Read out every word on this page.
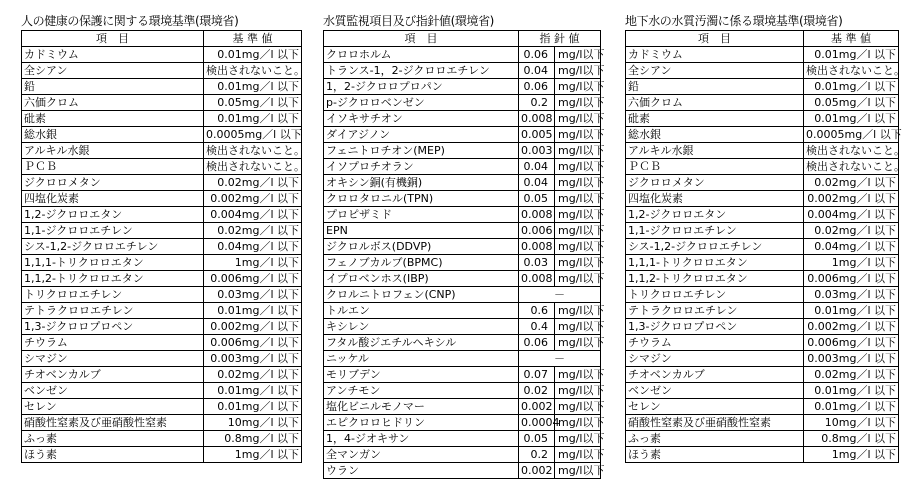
人の健康の保護に関する環境基準(環境省)
項　目	基 準 値
カドミウム	0.01mg／l 以下
全シアン	検出されないこと。
鉛	0.01mg／l 以下
六価クロム	0.05mg／l 以下
砒素	0.01mg／l 以下
総水銀	0.0005mg／l 以下
アルキル水銀	検出されないこと。
ＰＣＢ	検出されないこと。
ジクロロメタン	0.02mg／l 以下
四塩化炭素	0.002mg／l 以下
1,2-ジクロロエタン	0.004mg／l 以下
1,1-ジクロロエチレン	0.02mg／l 以下
シス-1,2-ジクロロエチレン	0.04mg／l 以下
1,1,1-トリクロロエタン	1mg／l 以下
1,1,2-トリクロロエタン	0.006mg／l 以下
トリクロロエチレン	0.03mg／l 以下
テトラクロロエチレン	0.01mg／l 以下
1,3-ジクロロプロペン	0.002mg／l 以下
チウラム	0.006mg／l 以下
シマジン	0.003mg／l 以下
チオベンカルブ	0.02mg／l 以下
ベンゼン	0.01mg／l 以下
セレン	0.01mg／l 以下
硝酸性窒素及び亜硝酸性窒素	10mg／l 以下
ふっ素	0.8mg／l 以下
ほう素	1mg／l 以下
水質監視項目及び指針値(環境省)
項　目	指 針 値	
クロロホルム	0.06	mg/l以下
トランス-1，2-ジクロロエチレン	0.04	mg/l以下
1，2-ジクロロプロパン	0.06	mg/l以下
p-ジクロロベンゼン	0.2	mg/l以下
イソキサチオン	0.008	mg/l以下
ダイアジノン	0.005	mg/l以下
フェニトロチオン(MEP)	0.003	mg/l以下
イソプロチオラン	0.04	mg/l以下
オキシン銅(有機銅)	0.04	mg/l以下
クロロタロニル(TPN)	0.05	mg/l以下
プロピザミド	0.008	mg/l以下
EPN	0.006	mg/l以下
ジクロルボス(DDVP)	0.008	mg/l以下
フェノブカルブ(BPMC)	0.03	mg/l以下
イプロベンホス(IBP)	0.008	mg/l以下
クロルニトロフェン(CNP)	－	
トルエン	0.6	mg/l以下
キシレン	0.4	mg/l以下
フタル酸ジエチルヘキシル	0.06	mg/l以下
ニッケル	－	
モリブデン	0.07	mg/l以下
アンチモン	0.02	mg/l以下
塩化ビニルモノマー	0.002	mg/l以下
エピクロロヒドリン	0.0004	mg/l以下
1，4-ジオキサン	0.05	mg/l以下
全マンガン	0.2	mg/l以下
ウラン	0.002	mg/l以下
地下水の水質汚濁に係る環境基準(環境省)
項　目	基 準 値
カドミウム	0.01mg／l 以下
全シアン	検出されないこと。
鉛	0.01mg／l 以下
六価クロム	0.05mg／l 以下
砒素	0.01mg／l 以下
総水銀	0.0005mg／l 以下
アルキル水銀	検出されないこと。
ＰＣＢ	検出されないこと。
ジクロロメタン	0.02mg／l 以下
四塩化炭素	0.002mg／l 以下
1,2-ジクロロエタン	0.004mg／l 以下
1,1-ジクロロエチレン	0.02mg／l 以下
シス-1,2-ジクロロエチレン	0.04mg／l 以下
1,1,1-トリクロロエタン	1mg／l 以下
1,1,2-トリクロロエタン	0.006mg／l 以下
トリクロロエチレン	0.03mg／l 以下
テトラクロロエチレン	0.01mg／l 以下
1,3-ジクロロプロペン	0.002mg／l 以下
チウラム	0.006mg／l 以下
シマジン	0.003mg／l 以下
チオベンカルブ	0.02mg／l 以下
ベンゼン	0.01mg／l 以下
セレン	0.01mg／l 以下
硝酸性窒素及び亜硝酸性窒素	10mg／l 以下
ふっ素	0.8mg／l 以下
ほう素	1mg／l 以下
